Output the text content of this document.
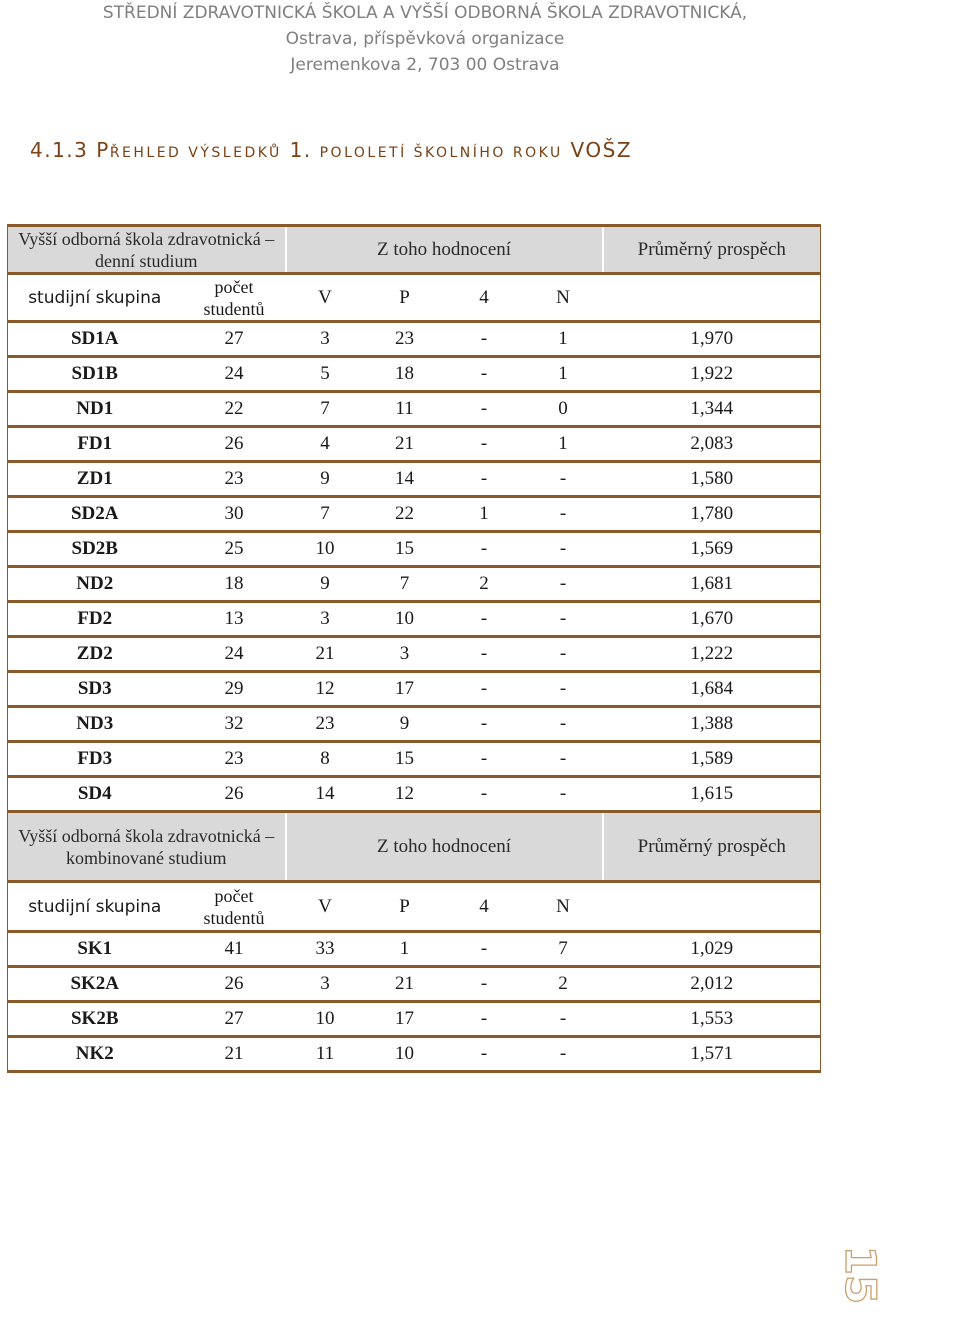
STŘEDNÍ ZDRAVOTNICKÁ ŠKOLA A VYŠŠÍ ODBORNÁ ŠKOLA ZDRAVOTNICKÁ,
Ostrava, příspěvková organizace
Jeremenkova 2, 703 00 Ostrava
4.1.3 PŘEHLED VÝSLEDKŮ 1. POLOLETÍ ŠKOLNÍHO ROKU VOŠZ
Vyšší odborná škola zdravotnická – denní studium		Z toho hodnocení				Průměrný prospěch
studijní skupina	počet studentů	V	P	4	N	
SD1A	27	3	23	-	1	1,970
SD1B	24	5	18	-	1	1,922
ND1	22	7	11	-	0	1,344
FD1	26	4	21	-	1	2,083
ZD1	23	9	14	-	-	1,580
SD2A	30	7	22	1	-	1,780
SD2B	25	10	15	-	-	1,569
ND2	18	9	7	2	-	1,681
FD2	13	3	10	-	-	1,670
ZD2	24	21	3	-	-	1,222
SD3	29	12	17	-	-	1,684
ND3	32	23	9	-	-	1,388
FD3	23	8	15	-	-	1,589
SD4	26	14	12	-	-	1,615
Vyšší odborná škola zdravotnická – kombinované studium		Z toho hodnocení				Průměrný prospěch
studijní skupina	počet studentů	V	P	4	N	
SK1	41	33	1	-	7	1,029
SK2A	26	3	21	-	2	2,012
SK2B	27	10	17	-	-	1,553
NK2	21	11	10	-	-	1,571
15
